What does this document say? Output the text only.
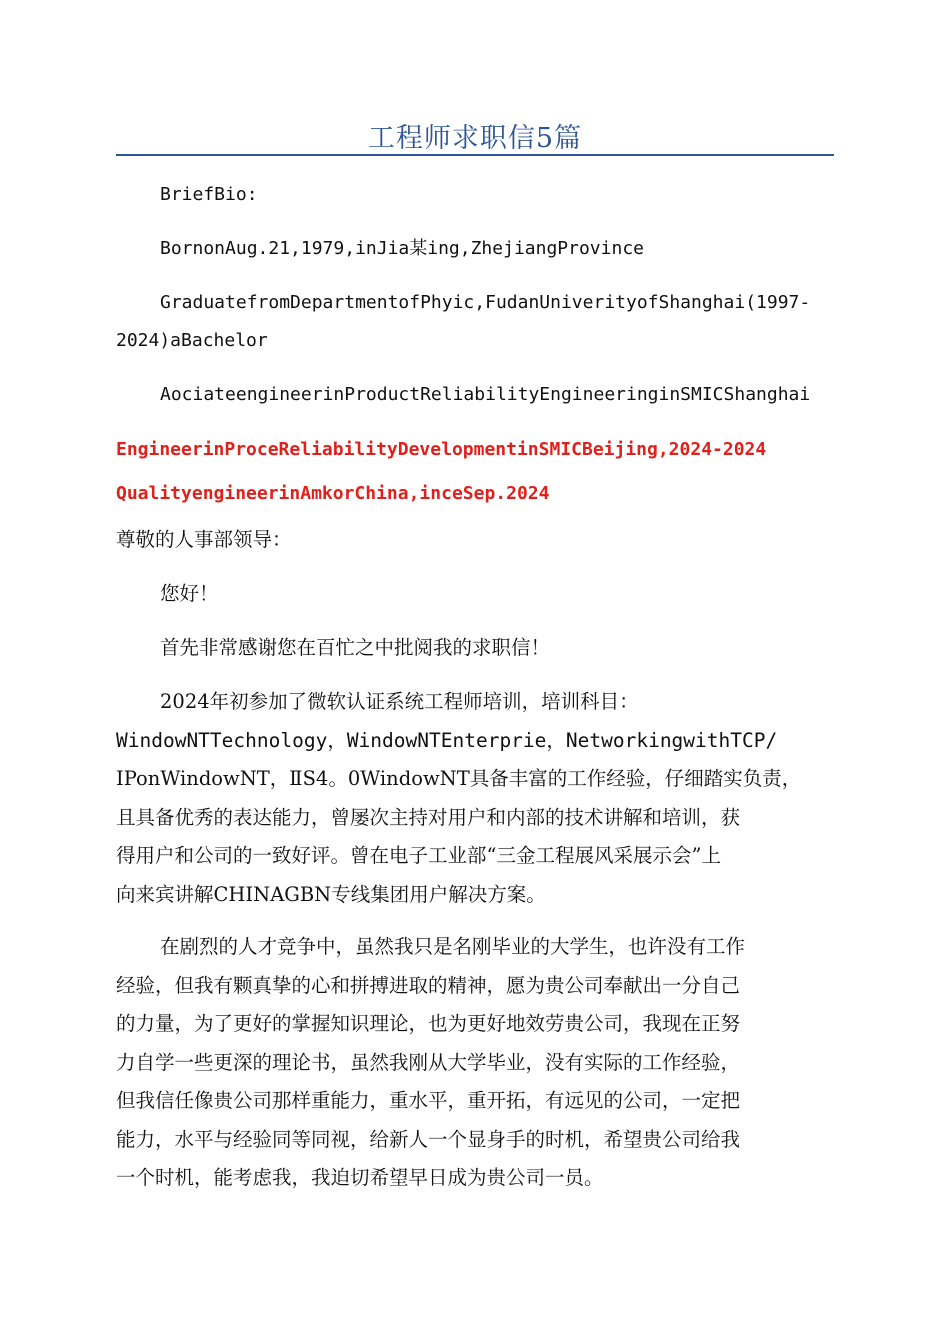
工程师求职信5篇
BriefBio:
BornonAug.21,1979,inJia某ing,ZhejiangProvince
GraduatefromDepartmentofPhyic,FudanUniverityofShanghai(1997-
2024)aBachelor
AociateengineerinProductReliabilityEngineeringinSMICShanghai
EngineerinProceReliabilityDevelopmentinSMICBeijing,2024-2024
QualityengineerinAmkorChina,inceSep.2024
尊敬的人事部领导：
您好！
首先非常感谢您在百忙之中批阅我的求职信！
2024年初参加了微软认证系统工程师培训，培训科目：
WindowNTTechnology，WindowNTEnterprie，NetworkingwithTCP/
IPonWindowNT，ⅡS4。0WindowNT具备丰富的工作经验，仔细踏实负责，
且具备优秀的表达能力，曾屡次主持对用户和内部的技术讲解和培训，获
得用户和公司的一致好评。曾在电子工业部“三金工程展风采展示会”上
向来宾讲解CHINAGBN专线集团用户解决方案。
在剧烈的人才竞争中，虽然我只是名刚毕业的大学生，也许没有工作
经验，但我有颗真挚的心和拼搏进取的精神，愿为贵公司奉献出一分自己
的力量，为了更好的掌握知识理论，也为更好地效劳贵公司，我现在正努
力自学一些更深的理论书，虽然我刚从大学毕业，没有实际的工作经验，
但我信任像贵公司那样重能力，重水平，重开拓，有远见的公司，一定把
能力，水平与经验同等同视，给新人一个显身手的时机，希望贵公司给我
一个时机，能考虑我，我迫切希望早日成为贵公司一员。
